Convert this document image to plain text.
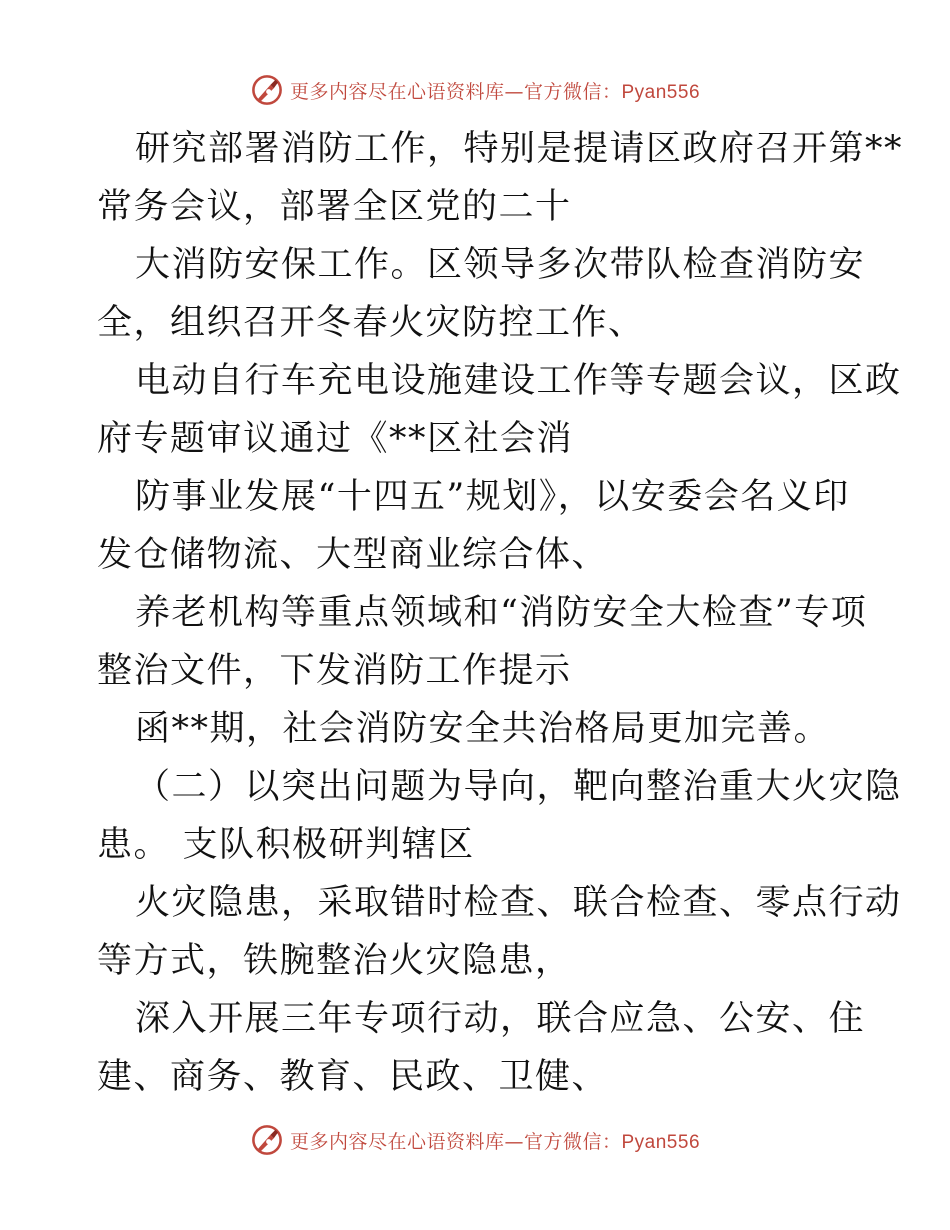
更多内容尽在心语资料库—官方微信：Pyan556
研究部署消防工作，特别是提请区政府召开第**
常务会议，部署全区党的二十
大消防安保工作。区领导多次带队检查消防安
全，组织召开冬春火灾防控工作、
电动自行车充电设施建设工作等专题会议，区政
府专题审议通过《**区社会消
防事业发展“十四五”规划》，以安委会名义印
发仓储物流、大型商业综合体、
养老机构等重点领域和“消防安全大检查”专项
整治文件，下发消防工作提示
函**期，社会消防安全共治格局更加完善。
（二）以突出问题为导向，靶向整治重大火灾隐
患。 支队积极研判辖区
火灾隐患，采取错时检查、联合检查、零点行动
等方式，铁腕整治火灾隐患，
深入开展三年专项行动，联合应急、公安、住
建、商务、教育、民政、卫健、
更多内容尽在心语资料库—官方微信：Pyan556
